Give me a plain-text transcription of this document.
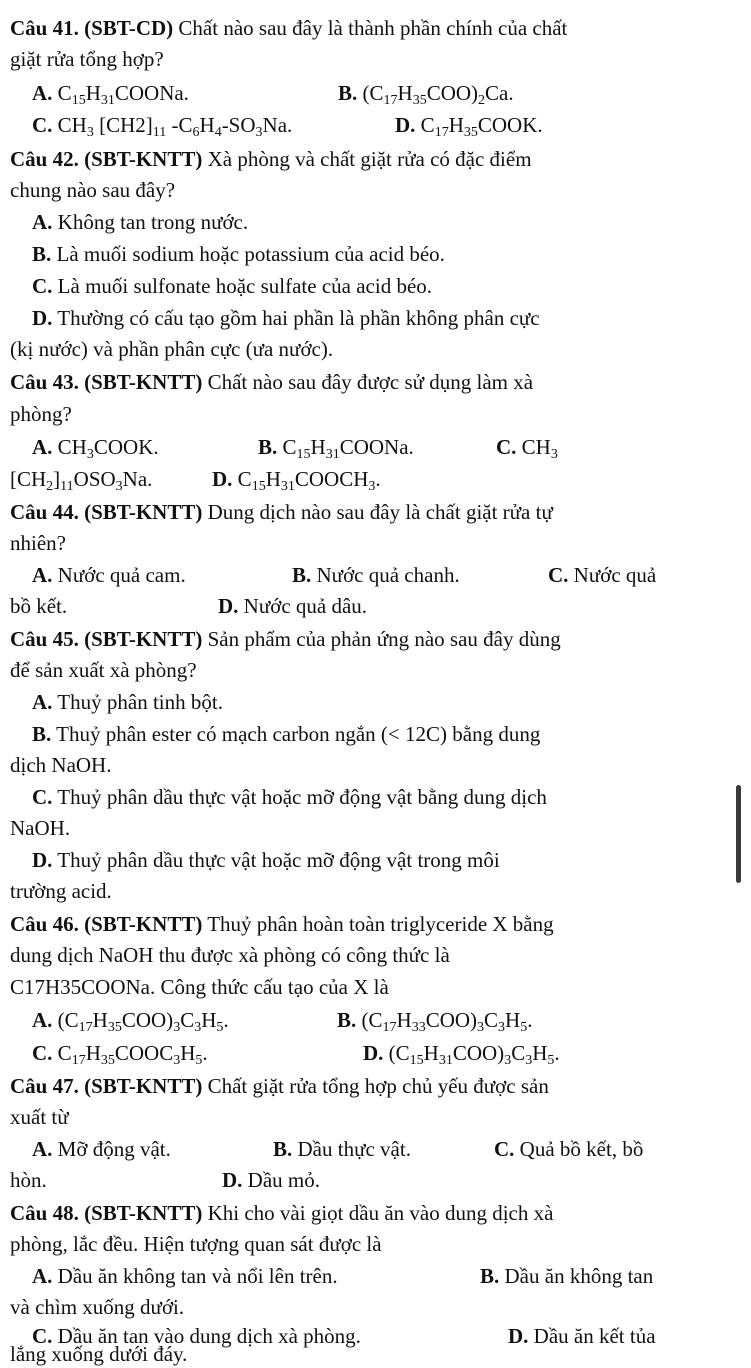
Câu 41. (SBT-CD) Chất nào sau đây là thành phần chính của chất
giặt rửa tổng hợp?
A. $C_{15}H_{31}COONa$.	B. $(C_{17}H_{35}COO)_2Ca$.
C. $CH_3$ $[CH2]_{11}$ $-C_6H_4-SO_3Na$.	D. $C_{17}H_{35}COOK$.
Câu 42. (SBT-KNTT) Xà phòng và chất giặt rửa có đặc điểm
chung nào sau đây?
A. Không tan trong nước.
B. Là muối sodium hoặc potassium của acid béo.
C. Là muối sulfonate hoặc sulfate của acid béo.
D. Thường có cấu tạo gồm hai phần là phần không phân cực
(kị nước) và phần phân cực (ưa nước).
Câu 43. (SBT-KNTT) Chất nào sau đây được sử dụng làm xà
phòng?
A. $CH_3COOK$.	B. $C_{15}H_{31}COONa$.	C. $CH_3$
$[CH_2]_{11}OSO_3Na$.	D. $C_{15}H_{31}COOCH_3$.
Câu 44. (SBT-KNTT) Dung dịch nào sau đây là chất giặt rửa tự
nhiên?
A. Nước quả cam.	B. Nước quả chanh.	C. Nước quả
bồ kết.	D. Nước quả dâu.
Câu 45. (SBT-KNTT) Sản phẩm của phản ứng nào sau đây dùng
để sản xuất xà phòng?
A. Thuỷ phân tinh bột.
B. Thuỷ phân ester có mạch carbon ngắn (< 12C) bằng dung
dịch NaOH.
C. Thuỷ phân dầu thực vật hoặc mỡ động vật bằng dung dịch
NaOH.
D. Thuỷ phân dầu thực vật hoặc mỡ động vật trong môi
trường acid.
Câu 46. (SBT-KNTT) Thuỷ phân hoàn toàn triglyceride X bằng
dung dịch NaOH thu được xà phòng có công thức là
C17H35COONa. Công thức cấu tạo của X là
A. $(C_{17}H_{35}COO)_3C_3H_5$.	B. $(C_{17}H_{33}COO)_3C_3H_5$.
C. $C_{17}H_{35}COOC_3H_5$.	D. $(C_{15}H_{31}COO)_3C_3H_5$.
Câu 47. (SBT-KNTT) Chất giặt rửa tổng hợp chủ yếu được sản
xuất từ
A. Mỡ động vật.	B. Dầu thực vật.	C. Quả bồ kết, bồ
hòn.	D. Dầu mỏ.
Câu 48. (SBT-KNTT) Khi cho vài giọt dầu ăn vào dung dịch xà
phòng, lắc đều. Hiện tượng quan sát được là
A. Dầu ăn không tan và nổi lên trên.	B. Dầu ăn không tan
và chìm xuống dưới.
C. Dầu ăn tan vào dung dịch xà phòng.	D. Dầu ăn kết tủa
lắng xuống dưới đáy.
